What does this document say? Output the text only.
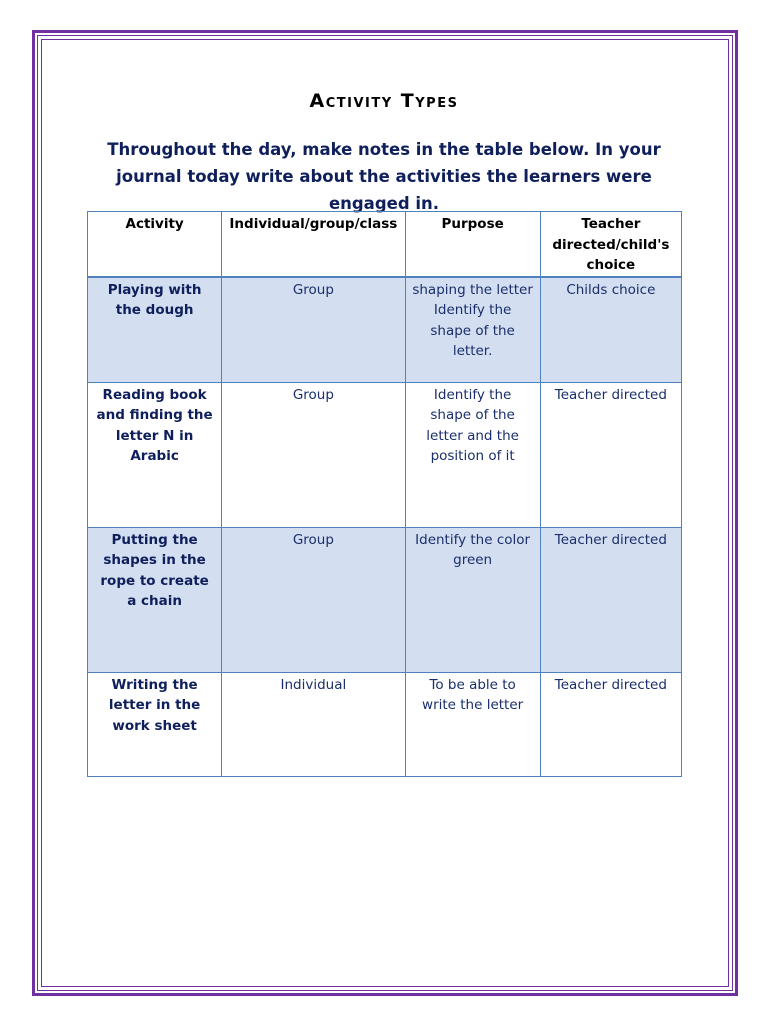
Activity Types
Throughout the day, make notes in the table below. In your journal today write about the activities the learners were engaged in.
Activity	Individual/group/class	Purpose	Teacher directed/child's choice

Playing with the dough	Group	shaping the letter Identify the shape of the letter.	Childs choice

Reading book and finding the letter N in Arabic	Group	Identify the shape of the letter and the position of it	Teacher directed

Putting the shapes in the rope to create a chain	Group	Identify the color green	Teacher directed

Writing the letter in the work sheet	Individual	To be able to write the letter	Teacher directed
